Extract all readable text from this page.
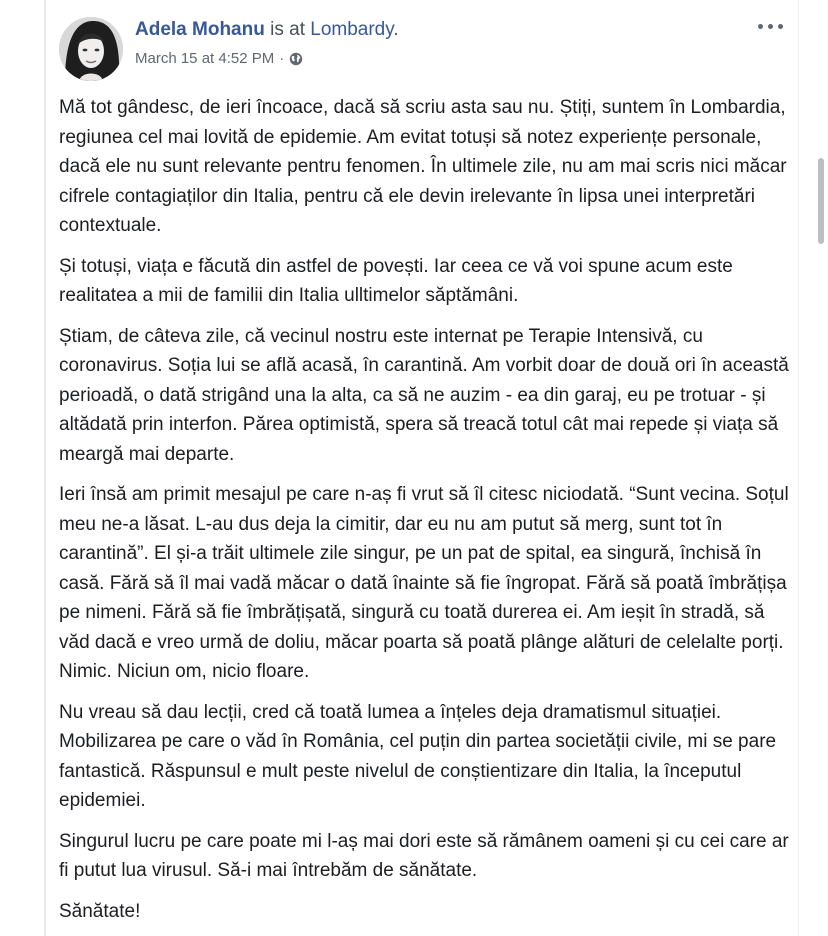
Adela Mohanu is at Lombardy.
March 15 at 4:52 PM ·

Mă tot gândesc, de ieri încoace, dacă să scriu asta sau nu. Știți, suntem în Lombardia, regiunea cel mai lovită de epidemie. Am evitat totuși să notez experiențe personale, dacă ele nu sunt relevante pentru fenomen. În ultimele zile, nu am mai scris nici măcar cifrele contagiaților din Italia, pentru că ele devin irelevante în lipsa unei interpretări contextuale.

Și totuși, viața e făcută din astfel de povești. Iar ceea ce vă voi spune acum este realitatea a mii de familii din Italia ulltimelor săptămâni.

Știam, de câteva zile, că vecinul nostru este internat pe Terapie Intensivă, cu coronavirus. Soția lui se află acasă, în carantină. Am vorbit doar de două ori în această perioadă, o dată strigând una la alta, ca să ne auzim - ea din garaj, eu pe trotuar - și altădată prin interfon. Părea optimistă, spera să treacă totul cât mai repede și viața să meargă mai departe.

Ieri însă am primit mesajul pe care n-aș fi vrut să îl citesc niciodată. “Sunt vecina. Soțul meu ne-a lăsat. L-au dus deja la cimitir, dar eu nu am putut să merg, sunt tot în carantină”. El și-a trăit ultimele zile singur, pe un pat de spital, ea singură, închisă în casă. Fără să îl mai vadă măcar o dată înainte să fie îngropat. Fără să poată îmbrățișa pe nimeni. Fără să fie îmbrățișată, singură cu toată durerea ei. Am ieșit în stradă, să văd dacă e vreo urmă de doliu, măcar poarta să poată plânge alături de celelalte porți. Nimic. Niciun om, nicio floare.

Nu vreau să dau lecții, cred că toată lumea a înțeles deja dramatismul situației. Mobilizarea pe care o văd în România, cel puțin din partea societății civile, mi se pare fantastică. Răspunsul e mult peste nivelul de conștientizare din Italia, la începutul epidemiei.

Singurul lucru pe care poate mi l-aș mai dori este să rămânem oameni și cu cei care ar fi putut lua virusul. Să-i mai întrebăm de sănătate.

Sănătate!
